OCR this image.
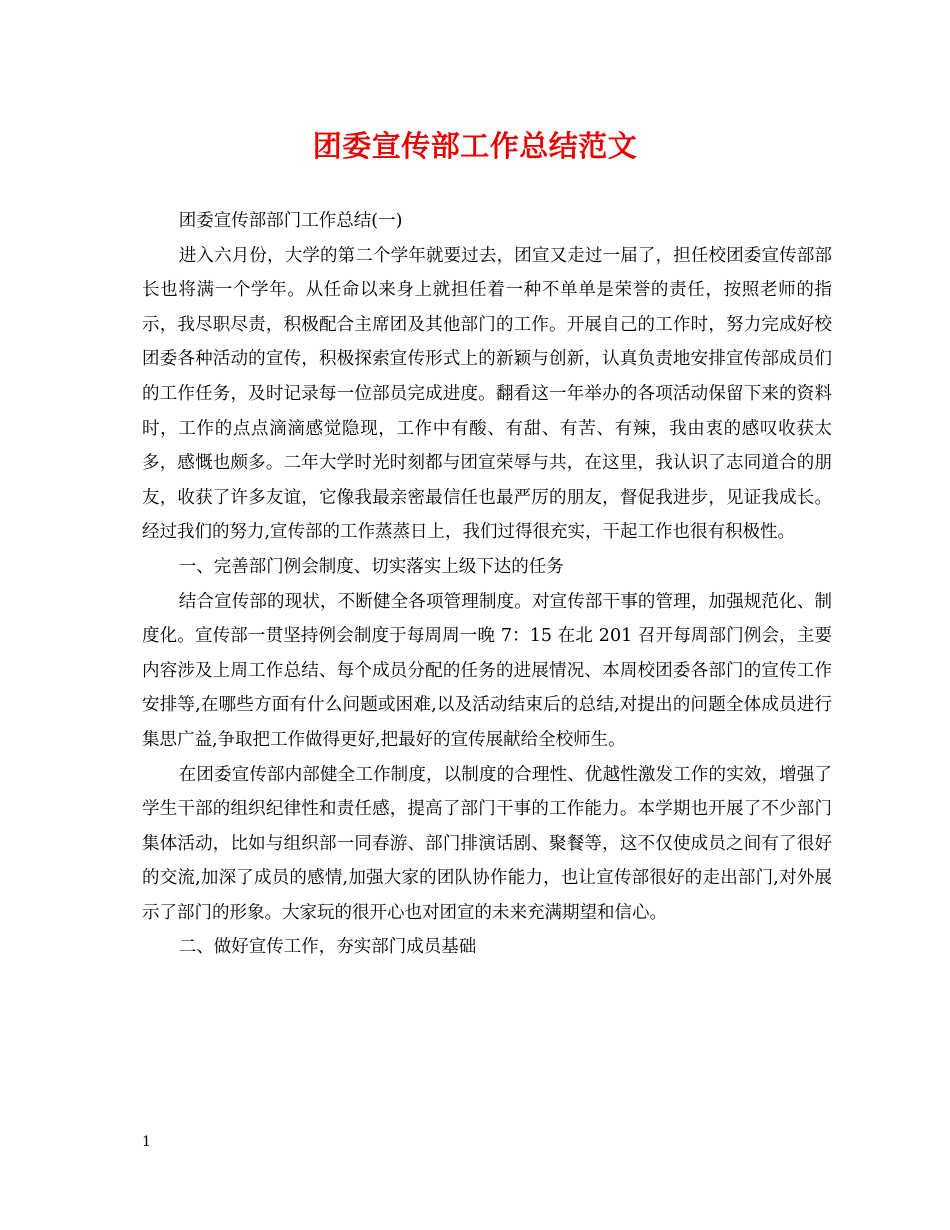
团委宣传部工作总结范文

团委宣传部部门工作总结(一)

进入六月份，大学的第二个学年就要过去，团宣又走过一届了，担任校团委宣传部部长也将满一个学年。从任命以来身上就担任着一种不单单是荣誉的责任，按照老师的指示，我尽职尽责，积极配合主席团及其他部门的工作。开展自己的工作时，努力完成好校团委各种活动的宣传，积极探索宣传形式上的新颖与创新，认真负责地安排宣传部成员们的工作任务，及时记录每一位部员完成进度。翻看这一年举办的各项活动保留下来的资料时，工作的点点滴滴感觉隐现，工作中有酸、有甜、有苦、有辣，我由衷的感叹收获太多，感慨也颇多。二年大学时光时刻都与团宣荣辱与共，在这里，我认识了志同道合的朋友，收获了许多友谊，它像我最亲密最信任也最严厉的朋友，督促我进步，见证我成长。经过我们的努力,宣传部的工作蒸蒸日上，我们过得很充实，干起工作也很有积极性。

一、完善部门例会制度、切实落实上级下达的任务

结合宣传部的现状，不断健全各项管理制度。对宣传部干事的管理，加强规范化、制度化。宣传部一贯坚持例会制度于每周周一晚 7：15 在北 201 召开每周部门例会，主要内容涉及上周工作总结、每个成员分配的任务的进展情况、本周校团委各部门的宣传工作安排等,在哪些方面有什么问题或困难,以及活动结束后的总结,对提出的问题全体成员进行集思广益,争取把工作做得更好,把最好的宣传展献给全校师生。

在团委宣传部内部健全工作制度，以制度的合理性、优越性激发工作的实效，增强了学生干部的组织纪律性和责任感，提高了部门干事的工作能力。本学期也开展了不少部门集体活动，比如与组织部一同春游、部门排演话剧、聚餐等，这不仅使成员之间有了很好的交流,加深了成员的感情,加强大家的团队协作能力，也让宣传部很好的走出部门,对外展示了部门的形象。大家玩的很开心也对团宣的未来充满期望和信心。

二、做好宣传工作，夯实部门成员基础

1
